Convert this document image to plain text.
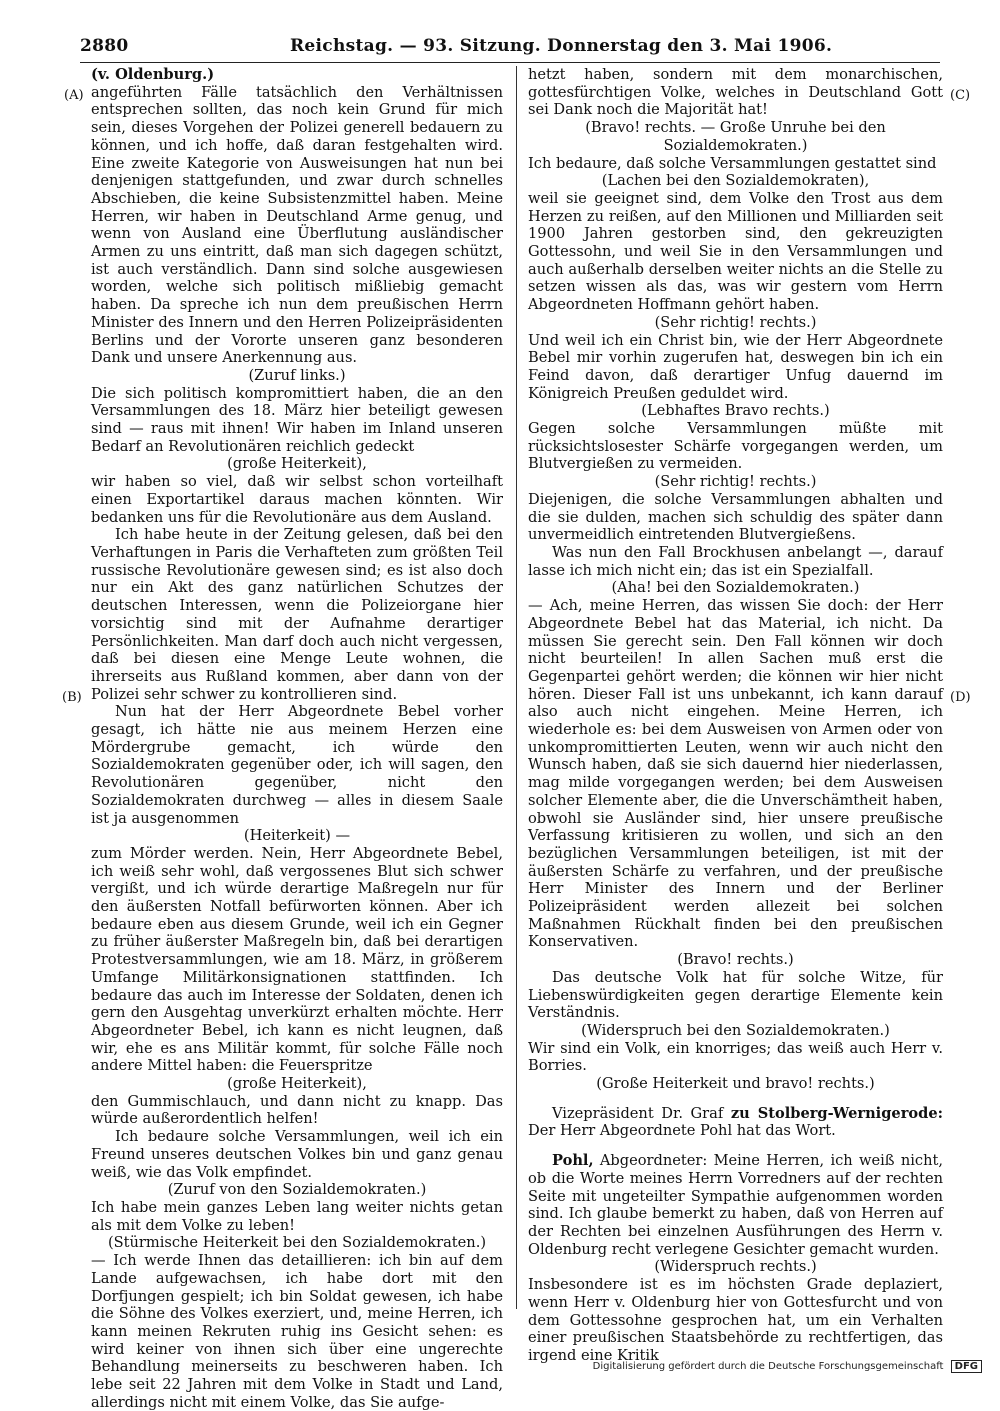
2880	Reichstag. — 93. Sitzung. Donnerstag den 3. Mai 1906.
(A)
(B)
(C)
(D)

(v. Oldenburg.)

angeführten Fälle tatsächlich den Verhältnissen entsprechen sollten, das noch kein Grund für mich sein, dieses Vorgehen der Polizei generell bedauern zu können, und ich hoffe, daß daran festgehalten wird. Eine zweite Kategorie von Ausweisungen hat nun bei denjenigen stattgefunden, und zwar durch schnelles Abschieben, die keine Subsistenzmittel haben. Meine Herren, wir haben in Deutschland Arme genug, und wenn von Ausland eine Überflutung ausländischer Armen zu uns eintritt, daß man sich dagegen schützt, ist auch verständlich. Dann sind solche ausgewiesen worden, welche sich politisch mißliebig gemacht haben. Da spreche ich nun dem preußischen Herrn Minister des Innern und den Herren Polizeipräsidenten Berlins und der Vororte unseren ganz besonderen Dank und unsere Anerkennung aus.

(Zuruf links.)

Die sich politisch kompromittiert haben, die an den Versammlungen des 18. März hier beteiligt gewesen sind — raus mit ihnen! Wir haben im Inland unseren Bedarf an Revolutionären reichlich gedeckt

(große Heiterkeit),

wir haben so viel, daß wir selbst schon vorteilhaft einen Exportartikel daraus machen könnten. Wir bedanken uns für die Revolutionäre aus dem Ausland.

Ich habe heute in der Zeitung gelesen, daß bei den Verhaftungen in Paris die Verhafteten zum größten Teil russische Revolutionäre gewesen sind; es ist also doch nur ein Akt des ganz natürlichen Schutzes der deutschen Interessen, wenn die Polizeiorgane hier vorsichtig sind mit der Aufnahme derartiger Persönlichkeiten. Man darf doch auch nicht vergessen, daß bei diesen eine Menge Leute wohnen, die ihrerseits aus Rußland kommen, aber dann von der Polizei sehr schwer zu kontrollieren sind.

Nun hat der Herr Abgeordnete Bebel vorher gesagt, ich hätte nie aus meinem Herzen eine Mördergrube gemacht, ich würde den Sozialdemokraten gegenüber oder, ich will sagen, den Revolutionären gegenüber, nicht den Sozialdemokraten durchweg — alles in diesem Saale ist ja ausgenommen

(Heiterkeit) —

zum Mörder werden. Nein, Herr Abgeordnete Bebel, ich weiß sehr wohl, daß vergossenes Blut sich schwer vergißt, und ich würde derartige Maßregeln nur für den äußersten Notfall befürworten können. Aber ich bedaure eben aus diesem Grunde, weil ich ein Gegner zu früher äußerster Maßregeln bin, daß bei derartigen Protestversammlungen, wie am 18. März, in größerem Umfange Militärkonsignationen stattfinden. Ich bedaure das auch im Interesse der Soldaten, denen ich gern den Ausgehtag unverkürzt erhalten möchte. Herr Abgeordneter Bebel, ich kann es nicht leugnen, daß wir, ehe es ans Militär kommt, für solche Fälle noch andere Mittel haben: die Feuerspritze

(große Heiterkeit),

den Gummischlauch, und dann nicht zu knapp. Das würde außerordentlich helfen!

Ich bedaure solche Versammlungen, weil ich ein Freund unseres deutschen Volkes bin und ganz genau weiß, wie das Volk empfindet.

(Zuruf von den Sozialdemokraten.)

Ich habe mein ganzes Leben lang weiter nichts getan als mit dem Volke zu leben!

(Stürmische Heiterkeit bei den Sozialdemokraten.)

— Ich werde Ihnen das detaillieren: ich bin auf dem Lande aufgewachsen, ich habe dort mit den Dorfjungen gespielt; ich bin Soldat gewesen, ich habe die Söhne des Volkes exerziert, und, meine Herren, ich kann meinen Rekruten ruhig ins Gesicht sehen: es wird keiner von ihnen sich über eine ungerechte Behandlung meinerseits zu beschweren haben. Ich lebe seit 22 Jahren mit dem Volke in Stadt und Land, allerdings nicht mit einem Volke, das Sie aufge-

hetzt haben, sondern mit dem monarchischen, gottesfürchtigen Volke, welches in Deutschland Gott sei Dank noch die Majorität hat!

(Bravo! rechts. — Große Unruhe bei den Sozialdemokraten.)

Ich bedaure, daß solche Versammlungen gestattet sind

(Lachen bei den Sozialdemokraten),

weil sie geeignet sind, dem Volke den Trost aus dem Herzen zu reißen, auf den Millionen und Milliarden seit 1900 Jahren gestorben sind, den gekreuzigten Gottessohn, und weil Sie in den Versammlungen und auch außerhalb derselben weiter nichts an die Stelle zu setzen wissen als das, was wir gestern vom Herrn Abgeordneten Hoffmann gehört haben.

(Sehr richtig! rechts.)

Und weil ich ein Christ bin, wie der Herr Abgeordnete Bebel mir vorhin zugerufen hat, deswegen bin ich ein Feind davon, daß derartiger Unfug dauernd im Königreich Preußen geduldet wird.

(Lebhaftes Bravo rechts.)

Gegen solche Versammlungen müßte mit rücksichtslosester Schärfe vorgegangen werden, um Blutvergießen zu vermeiden.

(Sehr richtig! rechts.)

Diejenigen, die solche Versammlungen abhalten und die sie dulden, machen sich schuldig des später dann unvermeidlich eintretenden Blutvergießens.

Was nun den Fall Brockhusen anbelangt —, darauf lasse ich mich nicht ein; das ist ein Spezialfall.

(Aha! bei den Sozialdemokraten.)

— Ach, meine Herren, das wissen Sie doch: der Herr Abgeordnete Bebel hat das Material, ich nicht. Da müssen Sie gerecht sein. Den Fall können wir doch nicht beurteilen! In allen Sachen muß erst die Gegenpartei gehört werden; die können wir hier nicht hören. Dieser Fall ist uns unbekannt, ich kann darauf also auch nicht eingehen. Meine Herren, ich wiederhole es: bei dem Ausweisen von Armen oder von unkompromittierten Leuten, wenn wir auch nicht den Wunsch haben, daß sie sich dauernd hier niederlassen, mag milde vorgegangen werden; bei dem Ausweisen solcher Elemente aber, die die Unverschämtheit haben, obwohl sie Ausländer sind, hier unsere preußische Verfassung kritisieren zu wollen, und sich an den bezüglichen Versammlungen beteiligen, ist mit der äußersten Schärfe zu verfahren, und der preußische Herr Minister des Innern und der Berliner Polizeipräsident werden allezeit bei solchen Maßnahmen Rückhalt finden bei den preußischen Konservativen.

(Bravo! rechts.)

Das deutsche Volk hat für solche Witze, für Liebenswürdigkeiten gegen derartige Elemente kein Verständnis.

(Widerspruch bei den Sozialdemokraten.)

Wir sind ein Volk, ein knorriges; das weiß auch Herr v. Borries.

(Große Heiterkeit und bravo! rechts.)

Vizepräsident Dr. Graf zu Stolberg-Wernigerode: Der Herr Abgeordnete Pohl hat das Wort.

Pohl, Abgeordneter: Meine Herren, ich weiß nicht, ob die Worte meines Herrn Vorredners auf der rechten Seite mit ungeteilter Sympathie aufgenommen worden sind. Ich glaube bemerkt zu haben, daß von Herren auf der Rechten bei einzelnen Ausführungen des Herrn v. Oldenburg recht verlegene Gesichter gemacht wurden.

(Widerspruch rechts.)

Insbesondere ist es im höchsten Grade deplaziert, wenn Herr v. Oldenburg hier von Gottesfurcht und von dem Gottessohne gesprochen hat, um ein Verhalten einer preußischen Staatsbehörde zu rechtfertigen, das irgend eine Kritik

Digitalisierung gefördert durch die Deutsche Forschungsgemeinschaft DFG
